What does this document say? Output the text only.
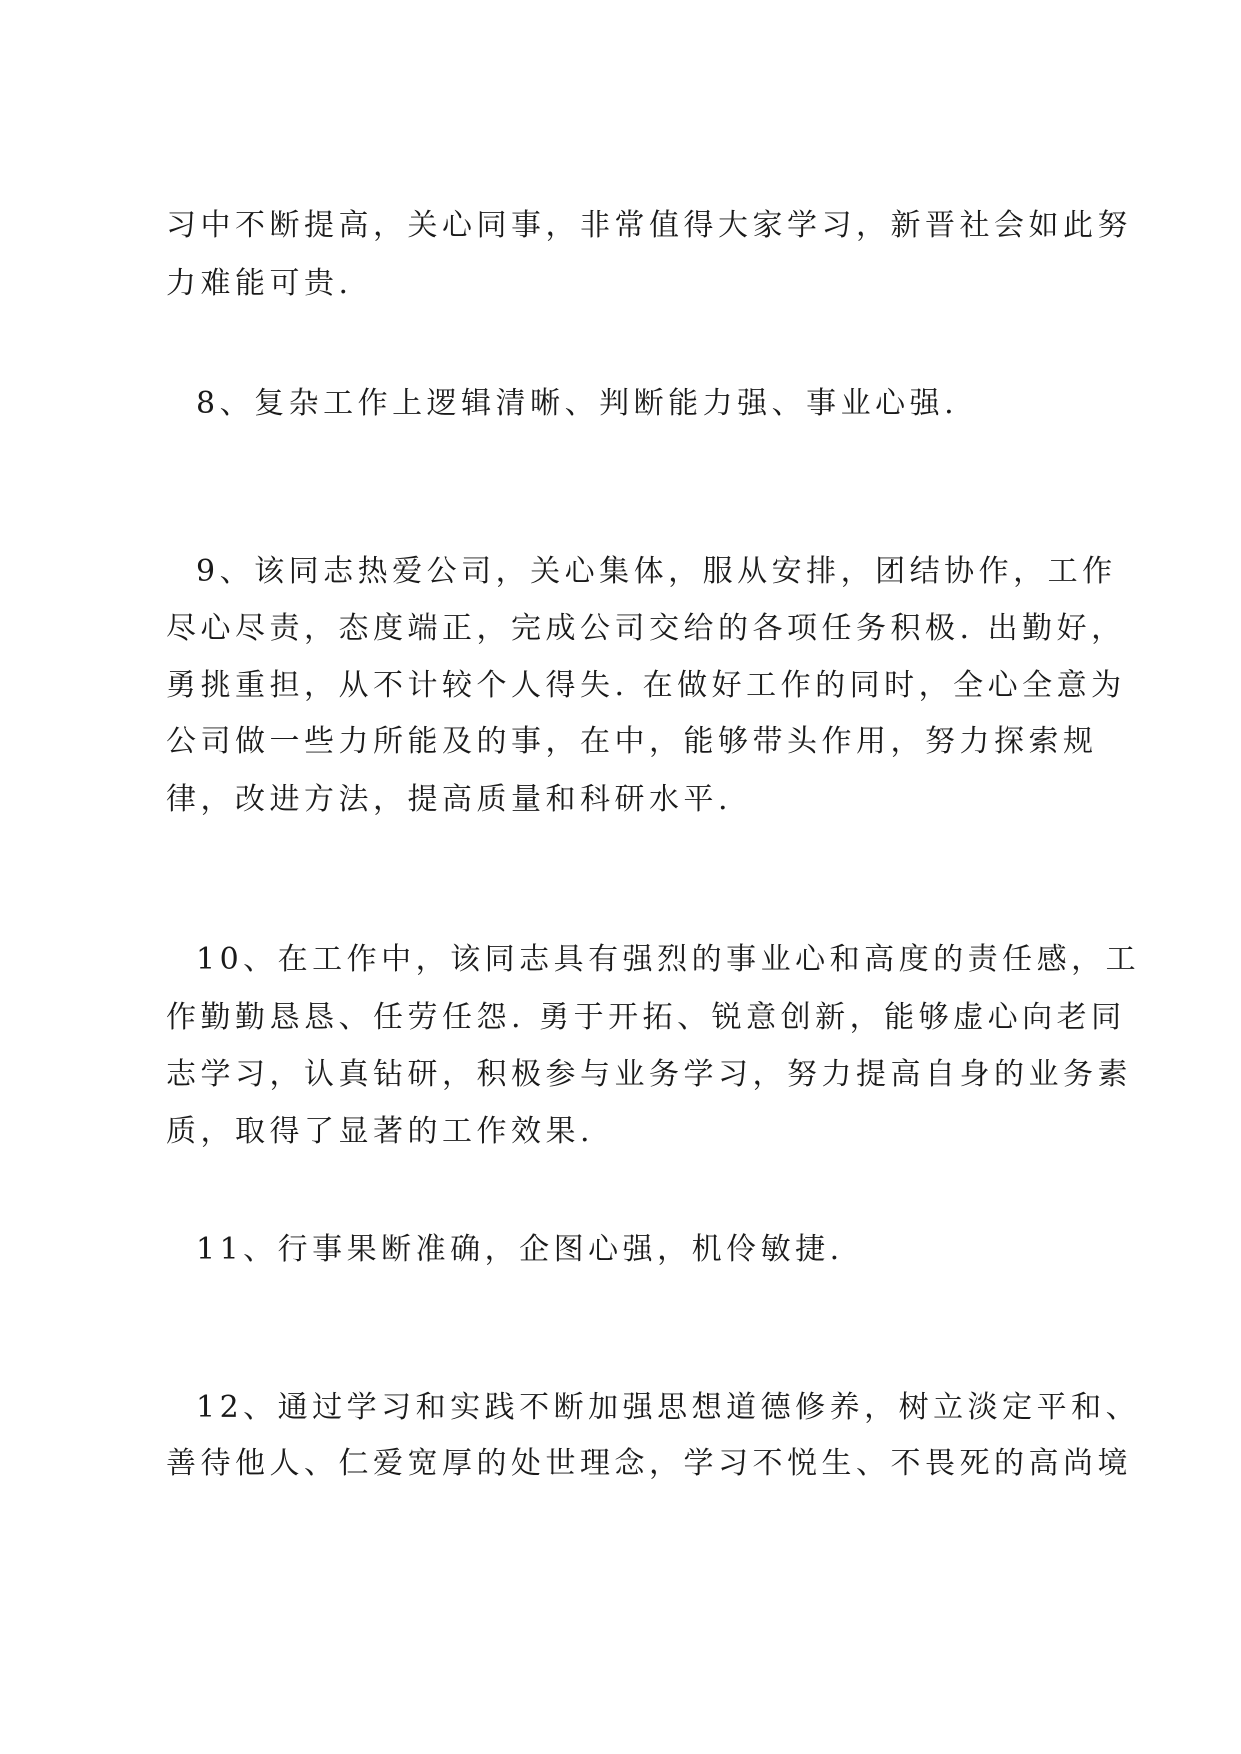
习中不断提高，关心同事，非常值得大家学习，新晋社会如此努
力难能可贵.
8、复杂工作上逻辑清晰、判断能力强、事业心强.
9、该同志热爱公司，关心集体，服从安排，团结协作，工作
尽心尽责，态度端正，完成公司交给的各项任务积极. 出勤好，
勇挑重担，从不计较个人得失. 在做好工作的同时，全心全意为
公司做一些力所能及的事，在中，能够带头作用，努力探索规
律，改进方法，提高质量和科研水平.
10、在工作中，该同志具有强烈的事业心和高度的责任感，工
作勤勤恳恳、任劳任怨. 勇于开拓、锐意创新，能够虚心向老同
志学习，认真钻研，积极参与业务学习，努力提高自身的业务素
质，取得了显著的工作效果.
11、行事果断准确，企图心强，机伶敏捷.
12、通过学习和实践不断加强思想道德修养，树立淡定平和、
善待他人、仁爱宽厚的处世理念，学习不悦生、不畏死的高尚境
